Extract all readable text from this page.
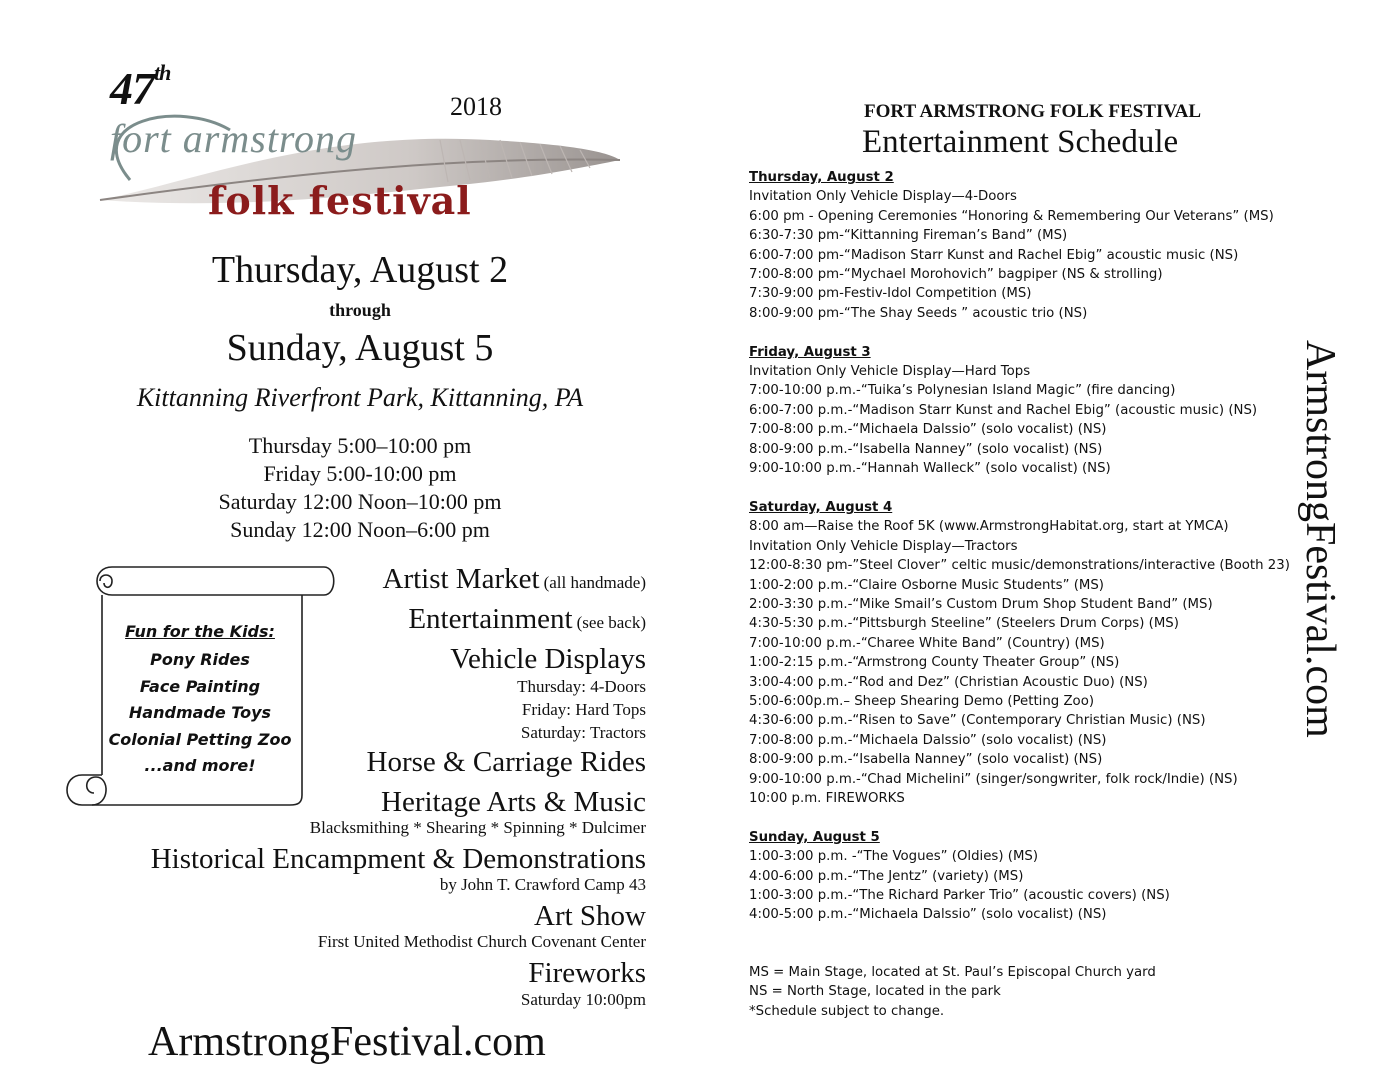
47th
2018
fort armstrong
folk festival
Thursday, August 2
through
Sunday, August 5
Kittanning Riverfront Park, Kittanning, PA
Thursday 5:00–10:00 pm
Friday 5:00-10:00 pm
Saturday 12:00 Noon–10:00 pm
Sunday 12:00 Noon–6:00 pm
Fun for the Kids:
Pony Rides
Face Painting
Handmade Toys
Colonial Petting Zoo
...and more!
Artist Market (all handmade)
Entertainment (see back)
Vehicle Displays
Thursday: 4-Doors
Friday: Hard Tops
Saturday: Tractors
Horse & Carriage Rides
Heritage Arts & Music
Blacksmithing * Shearing * Spinning * Dulcimer
Historical Encampment & Demonstrations
by John T. Crawford Camp 43
Art Show
First United Methodist Church Covenant Center
Fireworks
Saturday 10:00pm
ArmstrongFestival.com
FORT ARMSTRONG FOLK FESTIVAL
Entertainment Schedule
Thursday, August 2
Invitation Only Vehicle Display—4-Doors
6:00 pm - Opening Ceremonies “Honoring & Remembering Our Veterans” (MS)
6:30-7:30 pm-“Kittanning Fireman’s Band” (MS)
6:00-7:00 pm-“Madison Starr Kunst and Rachel Ebig” acoustic music (NS)
7:00-8:00 pm-“Mychael Morohovich” bagpiper (NS & strolling)
7:30-9:00 pm-Festiv-Idol Competition (MS)
8:00-9:00 pm-“The Shay Seeds ” acoustic trio (NS)
Friday, August 3
Invitation Only Vehicle Display—Hard Tops
7:00-10:00 p.m.-“Tuika’s Polynesian Island Magic” (fire dancing)
6:00-7:00 p.m.-“Madison Starr Kunst and Rachel Ebig” (acoustic music) (NS)
7:00-8:00 p.m.-“Michaela Dalssio” (solo vocalist) (NS)
8:00-9:00 p.m.-“Isabella Nanney” (solo vocalist) (NS)
9:00-10:00 p.m.-“Hannah Walleck” (solo vocalist) (NS)
Saturday, August 4
8:00 am—Raise the Roof 5K (www.ArmstrongHabitat.org, start at YMCA)
Invitation Only Vehicle Display—Tractors
12:00-8:30 pm-”Steel Clover” celtic music/demonstrations/interactive (Booth 23)
1:00-2:00 p.m.-“Claire Osborne Music Students” (MS)
2:00-3:30 p.m.-“Mike Smail’s Custom Drum Shop Student Band” (MS)
4:30-5:30 p.m.-“Pittsburgh Steeline” (Steelers Drum Corps) (MS)
7:00-10:00 p.m.-“Charee White Band” (Country) (MS)
1:00-2:15 p.m.-“Armstrong County Theater Group” (NS)
3:00-4:00 p.m.-“Rod and Dez” (Christian Acoustic Duo) (NS)
5:00-6:00p.m.– Sheep Shearing Demo (Petting Zoo)
4:30-6:00 p.m.-“Risen to Save” (Contemporary Christian Music) (NS)
7:00-8:00 p.m.-“Michaela Dalssio” (solo vocalist) (NS)
8:00-9:00 p.m.-“Isabella Nanney” (solo vocalist) (NS)
9:00-10:00 p.m.-“Chad Michelini” (singer/songwriter, folk rock/Indie) (NS)
10:00 p.m. FIREWORKS
Sunday, August 5
1:00-3:00 p.m. -“The Vogues” (Oldies) (MS)
4:00-6:00 p.m.-“The Jentz” (variety) (MS)
1:00-3:00 p.m.-“The Richard Parker Trio” (acoustic covers) (NS)
4:00-5:00 p.m.-“Michaela Dalssio” (solo vocalist) (NS)
MS = Main Stage, located at St. Paul’s Episcopal Church yard
NS = North Stage, located in the park
*Schedule subject to change.
ArmstrongFestival.com
